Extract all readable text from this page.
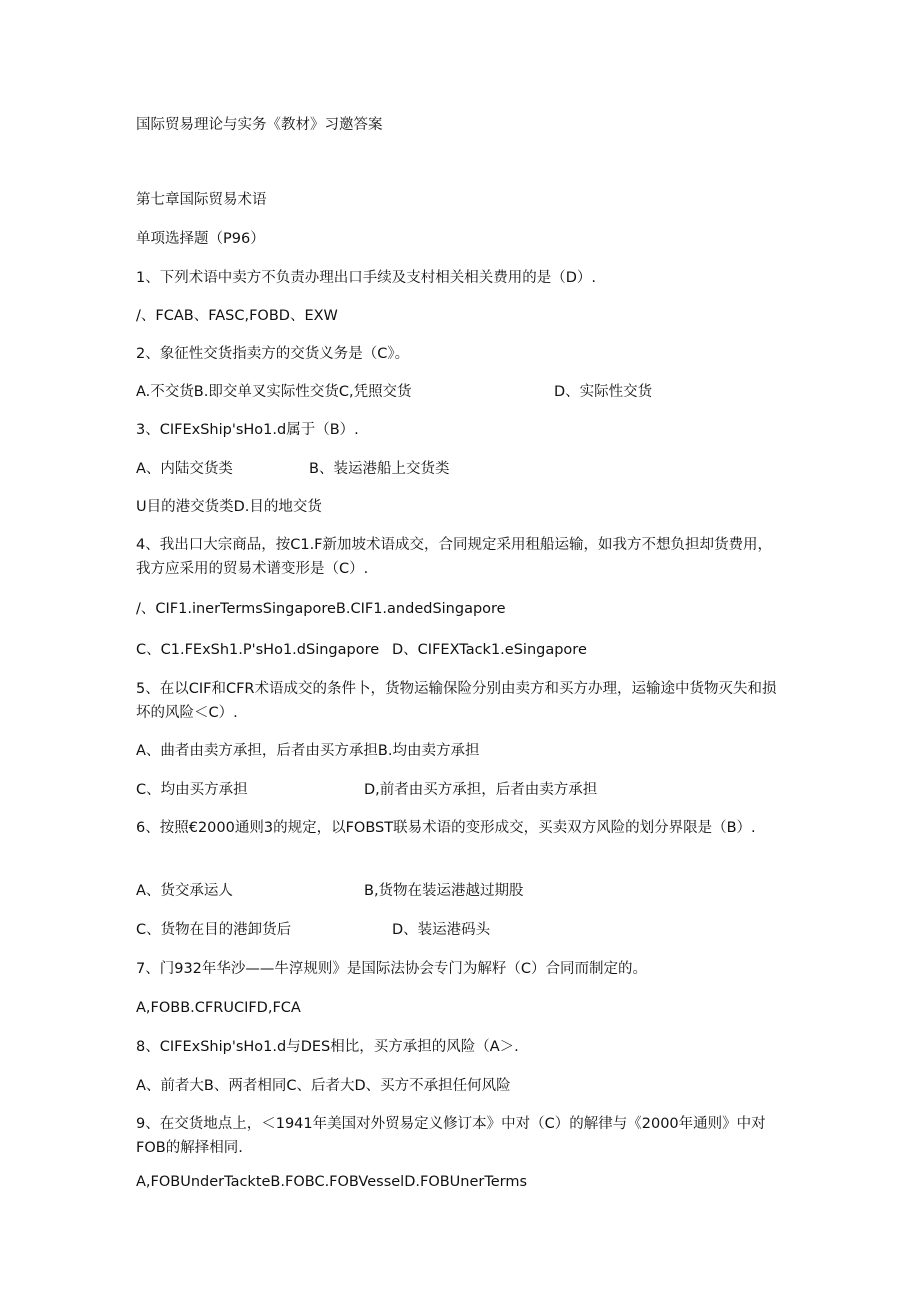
国际贸易理论与实务《教材》习邀答案
第七章国际贸易术语
单项选择题（P96）
1、下列术语中卖方不负责办理出口手续及支村相关相关费用的是（D）.
∕、FCAB、FASC,FOBD、EXW
2、象征性交货指卖方的交货义务是（C》。
A.不交货B.即交单叉实际性交货C,凭照交货	D、实际性交货
3、CIFExShip'sHo1.d属于（B）.
A、内陆交货类	B、装运港船上交货类
U目的港交货类D.目的地交货
4、我出口大宗商品，按C1.F新加坡术语成交，合同规定采用租船运输，如我方不想负担却货费用，我方应采用的贸易术谱变形是（C）.
∕、CIF1.inerTermsSingaporeB.CIF1.andedSingapore
C、C1.FExSh1.P'sHo1.dSingapore D、CIFEXTack1.eSingapore
5、在以CIF和CFR术语成交的条件卜，货物运输保险分别由卖方和买方办理，运输途中货物灭失和损坏的风险＜C）.
A、曲者由卖方承担，后者由买方承担B.均由卖方承担
C、均由买方承担	D,前者由买方承担，后者由卖方承担
6、按照€2000通则3的规定，以FOBST联易术语的变形成交，买卖双方风险的划分界限是（B）.
A、货交承运人	B,货物在装运港越过期股
C、货物在目的港卸货后	D、装运港码头
7、门932年华沙——牛淳规则》是国际法协会专门为解籽（C）合同而制定的。
A,FOBB.CFRUCIFD,FCA
8、CIFExShip'sHo1.d与DES相比，买方承担的风险（A＞.
A、前者大B、两者相同C、后者大D、买方不承担任何风险
9、在交货地点上，＜1941年美国对外贸易定义修订本》中对（C）的解律与《2000年通则》中对FOB的解择相同.
A,FOBUnderTackteB.FOBC.FOBVesselD.FOBUnerTerms
